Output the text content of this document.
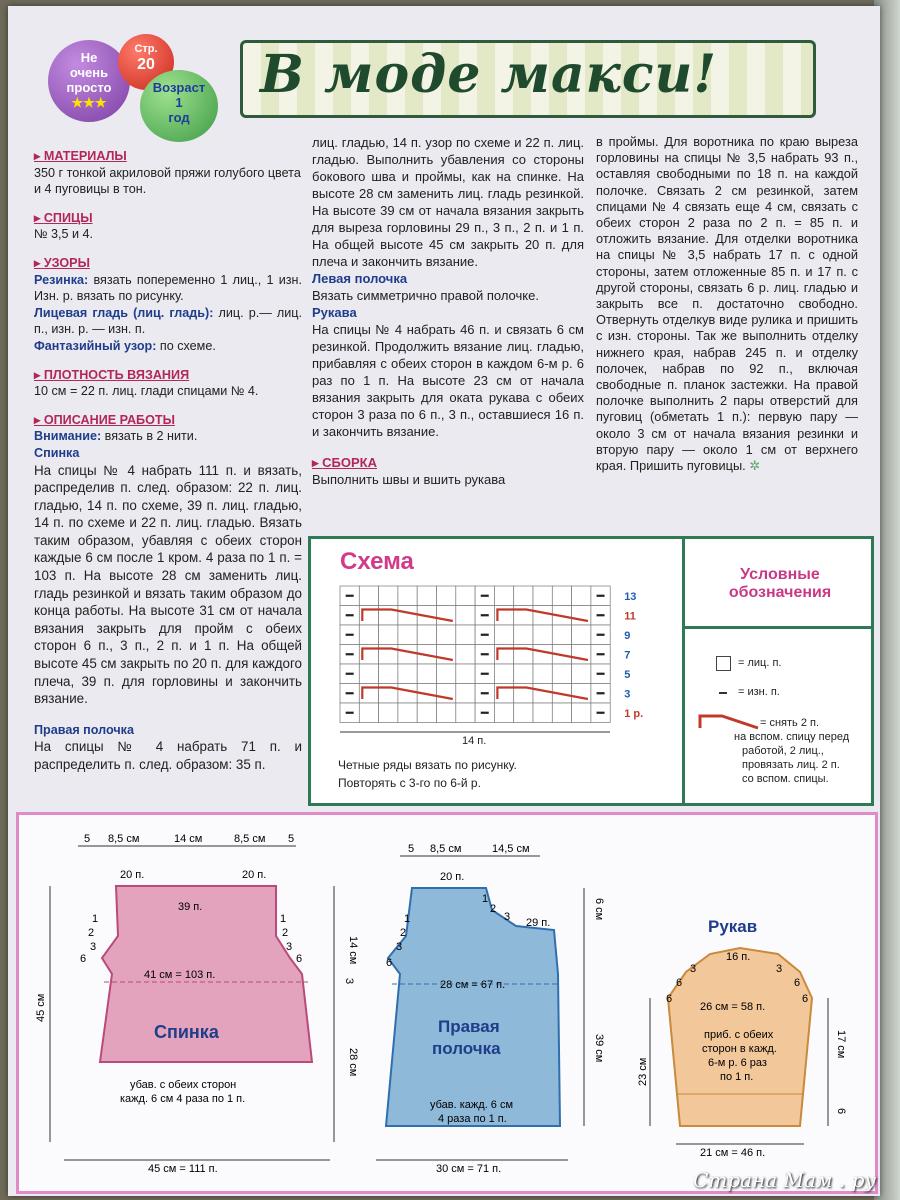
Не
очень
просто
★★★
Стр.
20
Возраст
1
год
В моде макси!

▸ МАТЕРИАЛЫ

350 г тонкой акриловой пряжи голубого цвета и 4 пуговицы в тон.

▸ СПИЦЫ

№ 3,5 и 4.

▸ УЗОРЫ

Резинка: вязать попеременно 1 лиц., 1 изн. Изн. р. вязать по рисунку.

Лицевая гладь (лиц. гладь): лиц. р.— лиц. п., изн. р. — изн. п.

Фантазийный узор: по схеме.

▸ ПЛОТНОСТЬ ВЯЗАНИЯ

10 см = 22 п. лиц. глади спицами № 4.

▸ ОПИСАНИЕ РАБОТЫ

Внимание: вязать в 2 нити.

Спинка

На спицы № 4 набрать 111 п. и вязать, распределив п. след. образом: 22 п. лиц. гладью, 14 п. по схеме, 39 п. лиц. гладью, 14 п. по схеме и 22 п. лиц. гладью. Вязать таким образом, убавляя с обеих сторон каждые 6 см после 1 кром. 4 раза по 1 п. = 103 п. На высоте 28 см заменить лиц. гладь резинкой и вязать таким образом до конца работы. На высоте 31 см от начала вязания закрыть для пройм с обеих сторон 6 п., 3 п., 2 п. и 1 п. На общей высоте 45 см закрыть по 20 п. для каждого плеча, 39 п. для горловины и закончить вязание.

Правая полочка

На спицы № 4 набрать 71 п. и распределить п. след. образом: 35 п.

лиц. гладью, 14 п. узор по схеме и 22 п. лиц. гладью. Выполнить убавления со стороны бокового шва и проймы, как на спинке. На высоте 28 см заменить лиц. гладь резинкой. На высоте 39 см от начала вязания закрыть для выреза горловины 29 п., 3 п., 2 п. и 1 п. На общей высоте 45 см закрыть 20 п. для плеча и закончить вязание.

Левая полочка

Вязать симметрично правой полочке.

Рукава

На спицы № 4 набрать 46 п. и связать 6 см резинкой. Продолжить вязание лиц. гладью, прибавляя с обеих сторон в каждом 6-м р. 6 раз по 1 п. На высоте 23 см от начала вязания закрыть для оката рукава с обеих сторон 3 раза по 6 п., 3 п., оставшиеся 16 п. и закончить вязание.

▸ СБОРКА

Выполнить швы и вшить рукава

в проймы. Для воротника по краю выреза горловины на спицы № 3,5 набрать 93 п., оставляя свободными по 18 п. на каждой полочке. Связать 2 см резинкой, затем спицами № 4 связать еще 4 см, связать с обеих сторон 2 раза по 2 п. = 85 п. и отложить вязание. Для отделки воротника на спицы № 3,5 набрать 17 п. с одной стороны, затем отложенные 85 п. и 17 п. с другой стороны, связать 6 р. лиц. гладью и закрыть все п. достаточно свободно. Отвернуть отделкув виде рулика и пришить с изн. стороны. Так же выполнить отделку нижнего края, набрав 245 п. и отделку полочек, набрав по 92 п., включая свободные п. планок застежки. На правой полочке выполнить 2 пары отверстий для пуговиц (обметать 1 п.): первую пару — около 3 см от начала вязания резинки и вторую пару — около 1 см от верхнего края. Пришить пуговицы. ✲

Схема
13
11
9
7
5
3
1 р.
14 п.
Четные ряды вязать по рисунку.
Повторять с 3-го по 6-й р.
Условные
обозначения
= лиц. п.
= изн. п.
= снять 2 п.
на вспом. спицу перед
работой, 2 лиц.,
провязать лиц. 2 п.
со вспом. спицы.
5 8,5 см	14 см	8,5 см 5
20 п.	20 п.
39 п.
1
2
3
6
1
2
3
6
41 см = 103 п.
Спинка
убав. с обеих сторон
кажд. 6 см 4 раза по 1 п.
45 см = 111 п.
45 см
14 см
3
28 см
5 8,5 см	14,5 см
20 п.
1
2
3 29 п.
1
2
3
6
28 см = 67 п.
Правая
полочка
убав. кажд. 6 см
4 раза по 1 п.
30 см = 71 п.
6 см
39 см
Рукав
16 п.
3
6
6
3
6
6
26 см = 58 п.
приб. с обеих
сторон в кажд.
6-м р. 6 раз
по 1 п.
23 см
17 см
6
21 см = 46 п.
Страна Мам . ру
